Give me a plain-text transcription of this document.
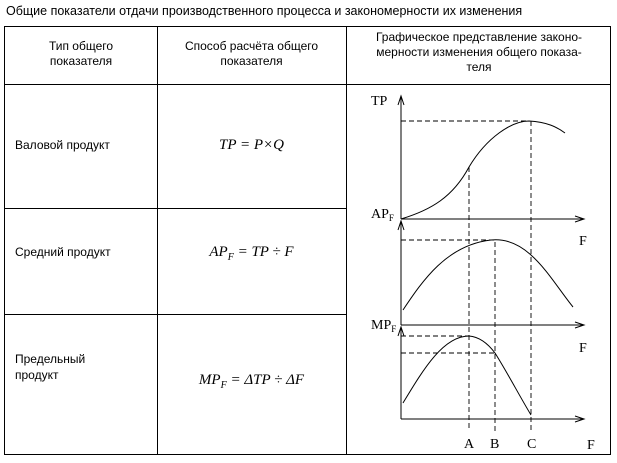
Общие показатели отдачи производственного процесса и закономерности их изменения
Тип общего
показателя
Способ расчёта общего
показателя
Графическое представление законо-
мерности изменения общего показа-
теля
Валовой продукт
Средний продукт
Предельный
продукт
TP = P×Q
$AP_F$ = TP ÷ F
$MP_F = \Delta TP \div \Delta F$
TP
$AP_F$
$MP_F$
F
F
F
A B C
